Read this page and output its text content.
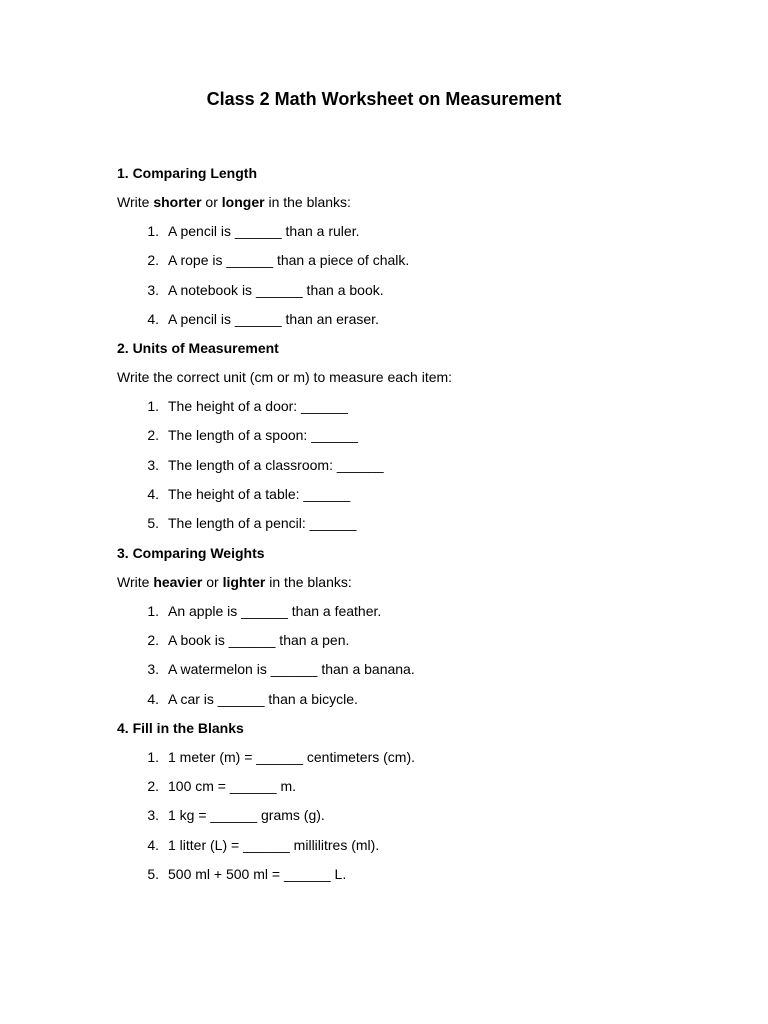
Class 2 Math Worksheet on Measurement
1. Comparing Length
Write shorter or longer in the blanks:
1. A pencil is ______ than a ruler.
2. A rope is ______ than a piece of chalk.
3. A notebook is ______ than a book.
4. A pencil is ______ than an eraser.
2. Units of Measurement
Write the correct unit (cm or m) to measure each item:
1. The height of a door: ______
2. The length of a spoon: ______
3. The length of a classroom: ______
4. The height of a table: ______
5. The length of a pencil: ______
3. Comparing Weights
Write heavier or lighter in the blanks:
1. An apple is ______ than a feather.
2. A book is ______ than a pen.
3. A watermelon is ______ than a banana.
4. A car is ______ than a bicycle.
4. Fill in the Blanks
1. 1 meter (m) = ______ centimeters (cm).
2. 100 cm = ______ m.
3. 1 kg = ______ grams (g).
4. 1 litter (L) = ______ millilitres (ml).
5. 500 ml + 500 ml = ______ L.
